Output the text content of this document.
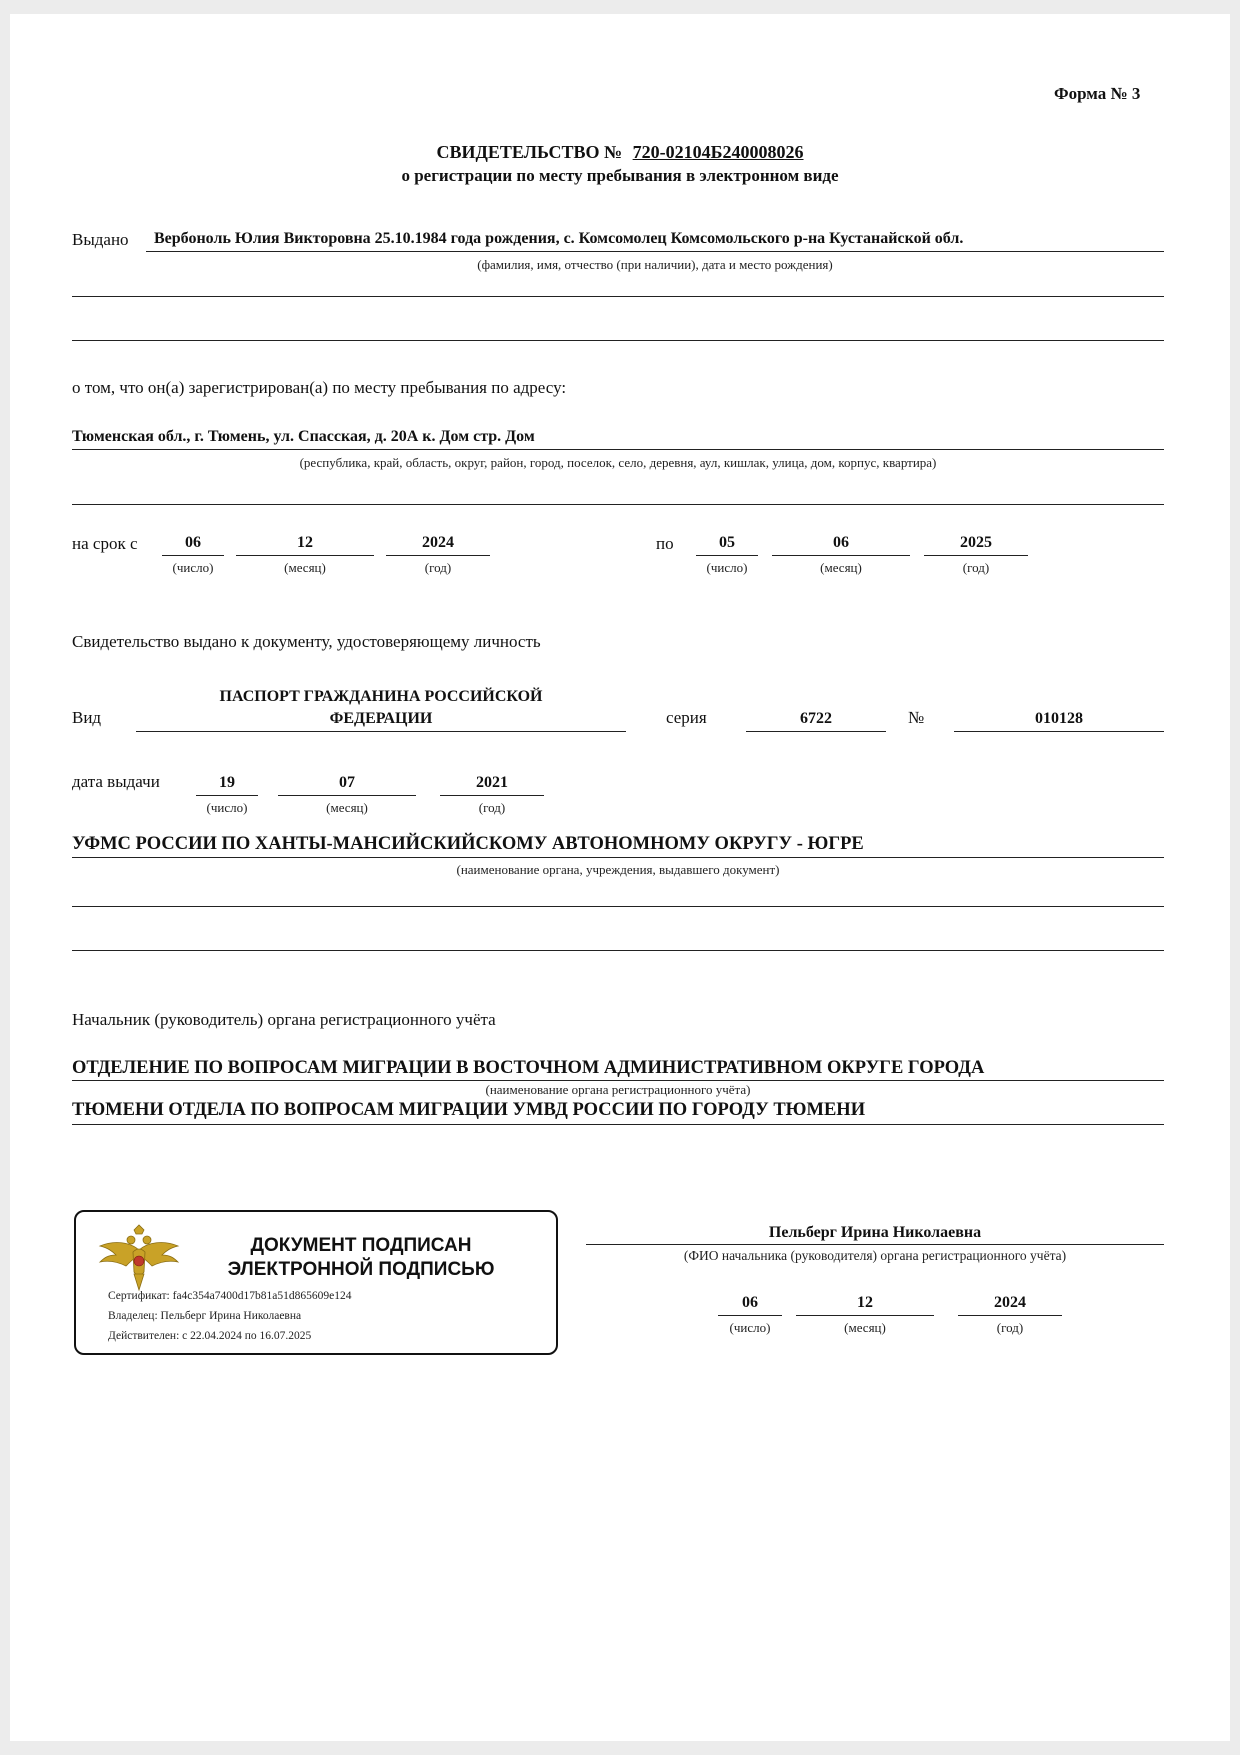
Форма № 3
СВИДЕТЕЛЬСТВО № 720-02104Б240008026
о регистрации по месту пребывания в электронном виде
Выдано Вербоноль Юлия Викторовна 25.10.1984 года рождения, с. Комсомолец Комсомольского р-на Кустанайской обл.
(фамилия, имя, отчество (при наличии), дата и место рождения)
о том, что он(а) зарегистрирован(а) по месту пребывания по адресу:
Тюменская обл., г. Тюмень, ул. Спасская, д. 20А к. Дом стр. Дом
(республика, край, область, округ, район, город, поселок, село, деревня, аул, кишлак, улица, дом, корпус, квартира)
на срок с	06
(число)
12
(месяц)
2024
(год)
по	05
(число)
06
(месяц)
2025
(год)
Свидетельство выдано к документу, удостоверяющему личность
Вид
ПАСПОРТ ГРАЖДАНИНА РОССИЙСКОЙ
ФЕДЕРАЦИИ	серия	6722	№	010128
дата выдачи	19
(число)
07
(месяц)
2021
(год)
УФМС РОССИИ ПО ХАНТЫ-МАНСИЙСКИЙСКОМУ АВТОНОМНОМУ ОКРУГУ - ЮГРЕ
(наименование органа, учреждения, выдавшего документ)
Начальник (руководитель) органа регистрационного учёта
ОТДЕЛЕНИЕ ПО ВОПРОСАМ МИГРАЦИИ В ВОСТОЧНОМ АДМИНИСТРАТИВНОМ ОКРУГЕ ГОРОДА
(наименование органа регистрационного учёта)
ТЮМЕНИ ОТДЕЛА ПО ВОПРОСАМ МИГРАЦИИ УМВД РОССИИ ПО ГОРОДУ ТЮМЕНИ
ДОКУМЕНТ ПОДПИСАН
ЭЛЕКТРОННОЙ ПОДПИСЬЮ
Сертификат: fa4c354a7400d17b81a51d865609e124
Владелец: Пельберг Ирина Николаевна
Действителен: с 22.04.2024 по 16.07.2025
Пельберг Ирина Николаевна
(ФИО начальника (руководителя) органа регистрационного учёта)
06
(число)
12
(месяц)
2024
(год)
